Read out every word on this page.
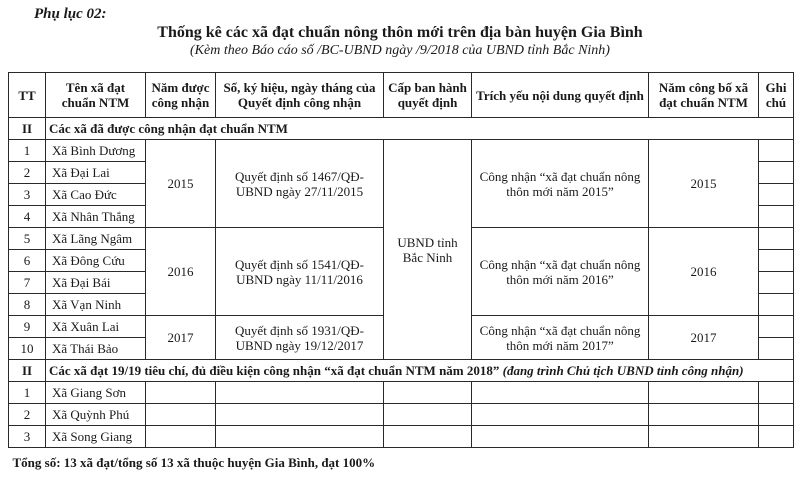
Phụ lục 02:
Thống kê các xã đạt chuẩn nông thôn mới trên địa bàn huyện Gia Bình
(Kèm theo Báo cáo số /BC-UBND ngày /9/2018 của UBND tỉnh Bắc Ninh)
TT	Tên xã đạt chuẩn NTM	Năm được công nhận	Số, ký hiệu, ngày tháng của Quyết định công nhận	Cấp ban hành quyết định	Trích yếu nội dung quyết định	Năm công bố xã đạt chuẩn NTM	Ghi chú
II	Các xã đã được công nhận đạt chuẩn NTM						
1	Xã Bình Dương	2015	Quyết định số 1467/QĐ-UBND ngày 27/11/2015	UBND tỉnh Bắc Ninh	Công nhận “xã đạt chuẩn nông thôn mới năm 2015”	2015	
2	Xã Đại Lai						
3	Xã Cao Đức						
4	Xã Nhân Thắng						
5	Xã Lãng Ngâm	2016	Quyết định số 1541/QĐ-UBND ngày 11/11/2016		Công nhận “xã đạt chuẩn nông thôn mới năm 2016”	2016	
6	Xã Đông Cứu						
7	Xã Đại Bái						
8	Xã Vạn Ninh						
9	Xã Xuân Lai	2017	Quyết định số 1931/QĐ-UBND ngày 19/12/2017		Công nhận “xã đạt chuẩn nông thôn mới năm 2017”	2017	
10	Xã Thái Bảo						
II	Các xã đạt 19/19 tiêu chí, đủ điều kiện công nhận “xã đạt chuẩn NTM năm 2018” (đang trình Chủ tịch UBND tỉnh công nhận)						
1	Xã Giang Sơn						
2	Xã Quỳnh Phú						
3	Xã Song Giang						
Tổng số: 13 xã đạt/tổng số 13 xã thuộc huyện Gia Bình, đạt 100%							
